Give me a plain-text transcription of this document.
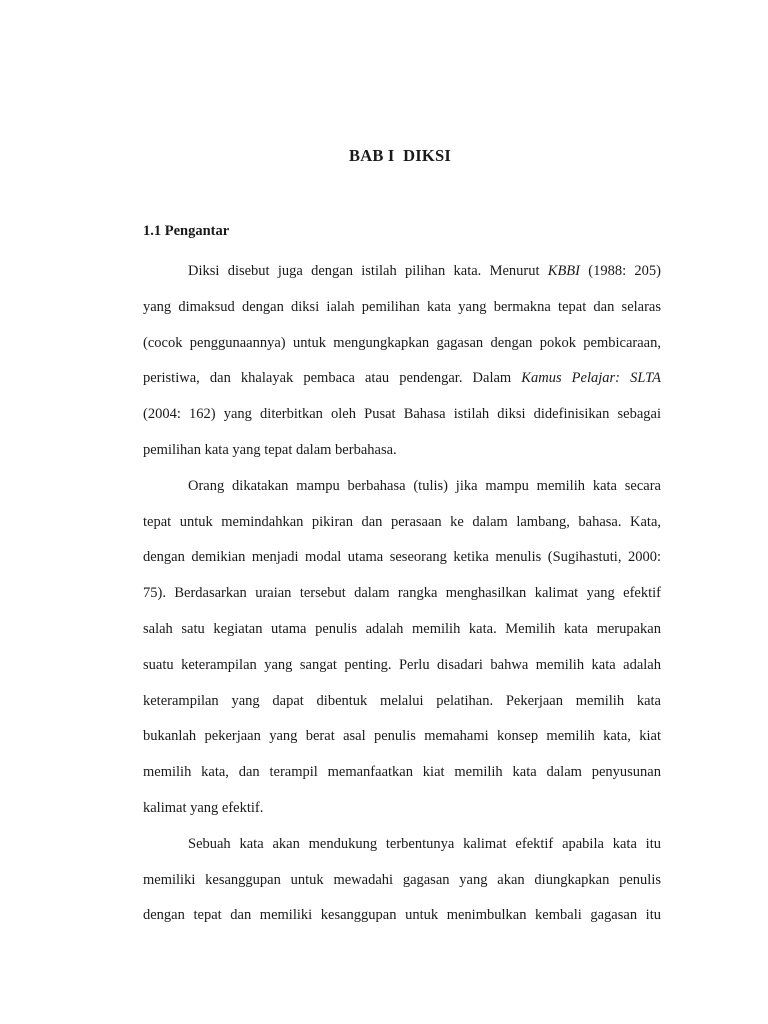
BAB I  DIKSI
1.1 Pengantar
Diksi disebut juga dengan istilah pilihan kata. Menurut KBBI (1988: 205)
yang dimaksud dengan diksi ialah pemilihan kata yang bermakna tepat dan selaras
(cocok penggunaannya) untuk mengungkapkan gagasan dengan pokok pembicaraan,
peristiwa, dan khalayak pembaca atau pendengar. Dalam Kamus Pelajar: SLTA
(2004: 162) yang diterbitkan oleh Pusat Bahasa istilah diksi didefinisikan sebagai
pemilihan kata yang tepat dalam berbahasa.
Orang dikatakan mampu berbahasa (tulis) jika mampu memilih kata secara
tepat untuk memindahkan pikiran dan perasaan ke dalam lambang, bahasa. Kata,
dengan demikian menjadi modal utama seseorang ketika menulis (Sugihastuti, 2000:
75). Berdasarkan uraian tersebut dalam rangka menghasilkan kalimat yang efektif
salah satu kegiatan utama penulis adalah memilih kata. Memilih kata merupakan
suatu keterampilan yang sangat penting. Perlu disadari bahwa memilih kata adalah
keterampilan yang dapat dibentuk melalui pelatihan. Pekerjaan memilih kata
bukanlah pekerjaan yang berat asal penulis memahami konsep memilih kata, kiat
memilih kata, dan terampil memanfaatkan kiat memilih kata dalam penyusunan
kalimat yang efektif.
Sebuah kata akan mendukung terbentunya kalimat efektif apabila kata itu
memiliki kesanggupan untuk mewadahi gagasan yang akan diungkapkan penulis
dengan tepat dan memiliki kesanggupan untuk menimbulkan kembali gagasan itu
